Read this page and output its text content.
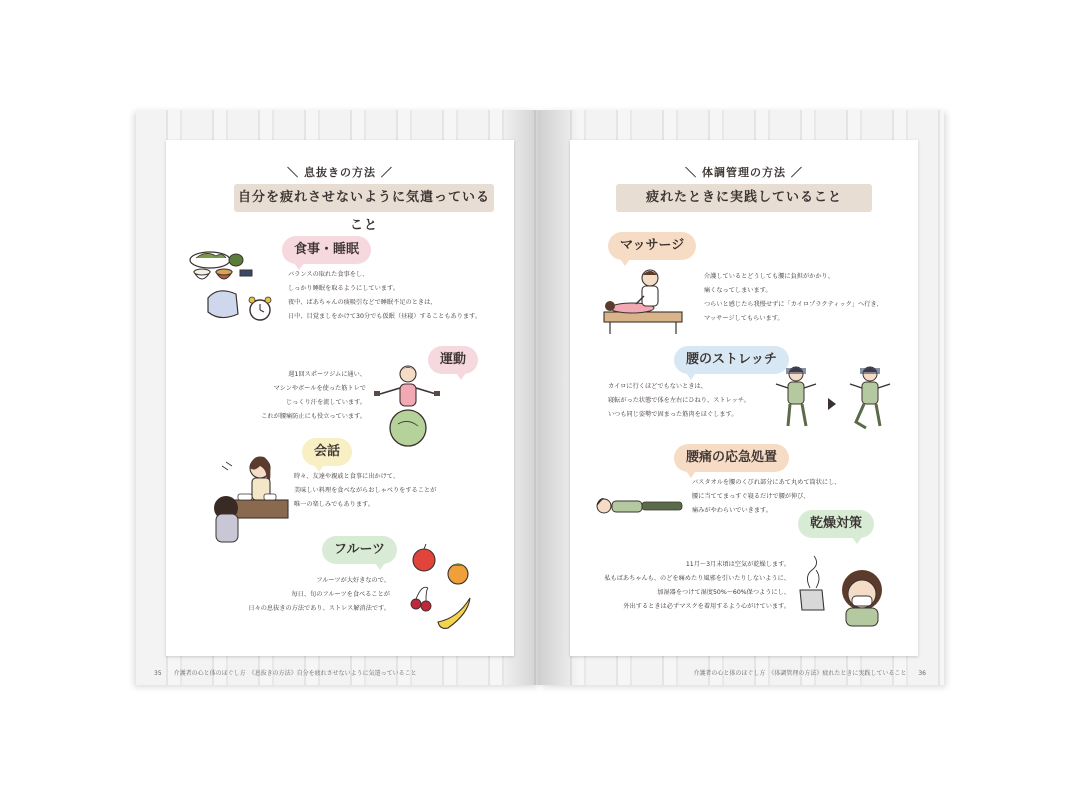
＼ 息抜きの方法 ／
自分を疲れさせないように気遣っていること
食事・睡眠
バランスの取れた食事をし、
しっかり睡眠を取るようにしています。
夜中、ばあちゃんの痰吸引などで睡眠不足のときは、
日中、目覚ましをかけて30分でも仮眠（昼寝）することもあります。
運動
週1回スポーツジムに通い、
マシンやボールを使った筋トレで
じっくり汗を流しています。
これが腰痛防止にも役立っています。
会話
時々、友達や親戚と食事に出かけて、
美味しい料理を食べながらおしゃべりをすることが
唯一の楽しみでもあります。
フルーツ
フルーツが大好きなので、
毎日、旬のフルーツを食べることが
日々の息抜きの方法であり、ストレス解消法です。
35 介護者の心と体のほぐし方　《息抜きの方法》自分を疲れさせないように気遣っていること
＼ 体調管理の方法 ／
疲れたときに実践していること
マッサージ
介護しているとどうしても腰に負担がかかり、
痛くなってしまいます。
つらいと感じたら我慢せずに「カイロプラクティック」へ行き、
マッサージしてもらいます。
腰のストレッチ
カイロに行くほどでもないときは、
寝転がった状態で体を左右にひねり、ストレッチ。
いつも同じ姿勢で固まった筋肉をほぐします。
腰痛の応急処置
バスタオルを腰のくびれ部分にあて丸めて筒状にし、
腰に当ててまっすぐ寝るだけで腰が伸び、
痛みがやわらいでいきます。
乾燥対策
11月～3月末頃は空気が乾燥します。
私もばあちゃんも、のどを痛めたり風邪を引いたりしないように、
加湿器をつけて湿度50%～60%保つようにし、
外出するときは必ずマスクを着用するよう心がけています。
介護者の心と体のほぐし方　《体調管理の方法》疲れたときに実践していること 36
